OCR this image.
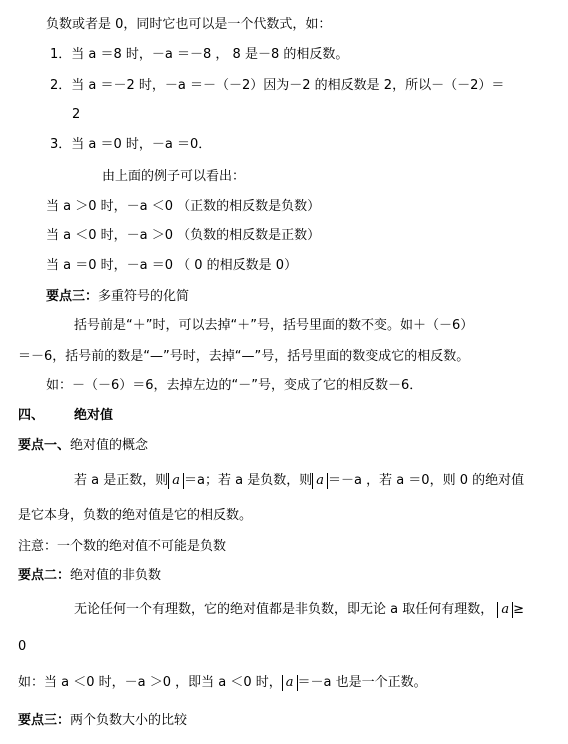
负数或者是 0，同时它也可以是一个代数式，如：
1．当 a ＝8 时，－a ＝－8 ， 8 是－8 的相反数。
2．当 a ＝－2 时，－a ＝－（－2）因为－2 的相反数是 2，所以－（－2）＝
2
3．当 a ＝0 时，－a ＝0．
由上面的例子可以看出：
当 a ＞0 时，－a ＜0 （正数的相反数是负数）
当 a ＜0 时，－a ＞0 （负数的相反数是正数）
当 a ＝0 时，－a ＝0 （ 0 的相反数是 0）
要点三：多重符号的化简
括号前是“＋”时，可以去掉“＋”号，括号里面的数不变。如＋（－6）
＝－6，括号前的数是“—”号时，去掉“—”号，括号里面的数变成它的相反数。
如：－（－6）＝6，去掉左边的“－”号，变成了它的相反数－6．
四、 绝对值
要点一、绝对值的概念
若 a 是正数，则 a ＝a；若 a 是负数，则 a ＝－a ，若 a ＝0，则 0 的绝对值
是它本身，负数的绝对值是它的相反数。
注意：一个数的绝对值不可能是负数
要点二：绝对值的非负数
无论任何一个有理数，它的绝对值都是非负数，即无论 a 取任何有理数， a ≥
0
如：当 a ＜0 时，－a ＞0 ，即当 a ＜0 时， a ＝－a 也是一个正数。
要点三：两个负数大小的比较
